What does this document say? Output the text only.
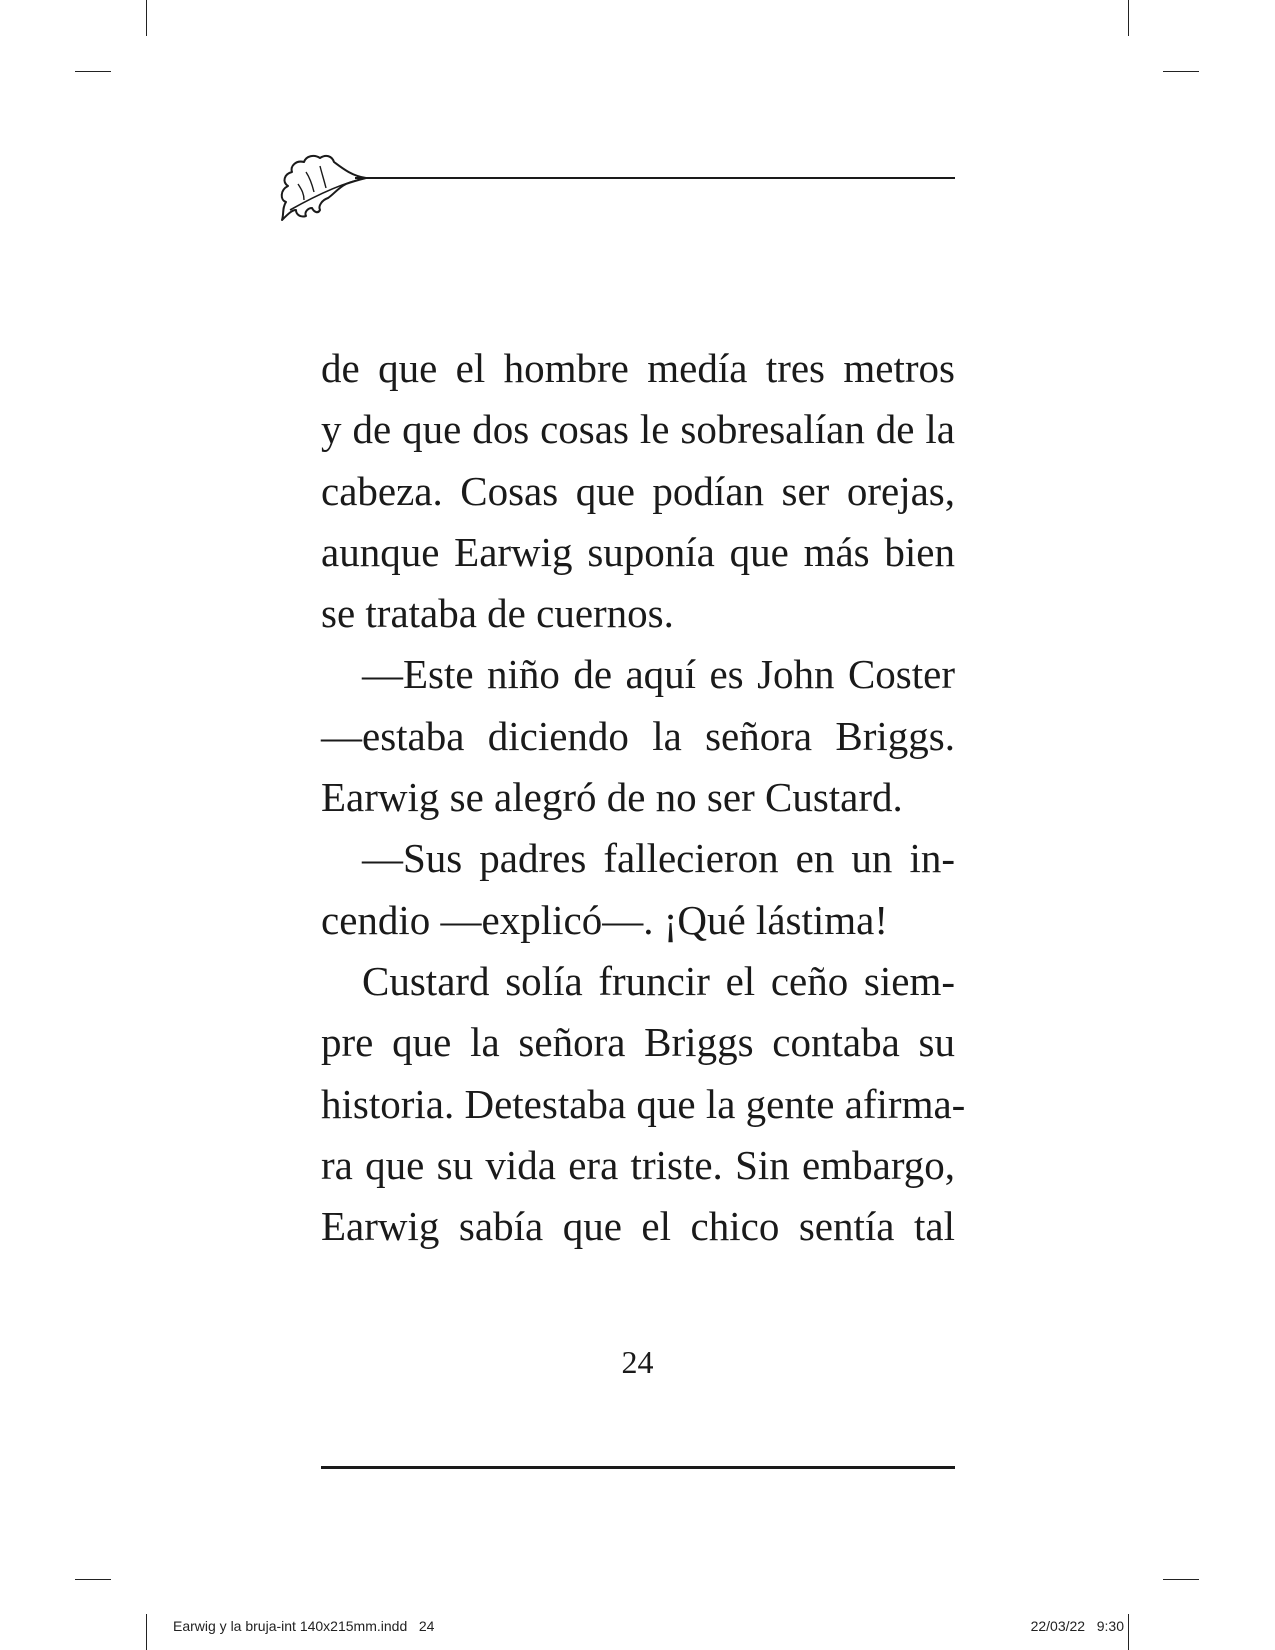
de que el hombre medía tres metros
y de que dos cosas le sobresalían de la
cabeza. Cosas que podían ser orejas,
aunque Earwig suponía que más bien
se trataba de cuernos.
—Este niño de aquí es John Coster
—estaba diciendo la señora Briggs.
Earwig se alegró de no ser Custard.
—Sus padres fallecieron en un in-
cendio —explicó—. ¡Qué lástima!
Custard solía fruncir el ceño siem-
pre que la señora Briggs contaba su
historia. Detestaba que la gente afirma-
ra que su vida era triste. Sin embargo,
Earwig sabía que el chico sentía tal
24
Earwig y la bruja-int 140x215mm.indd   24	22/03/22   9:30
